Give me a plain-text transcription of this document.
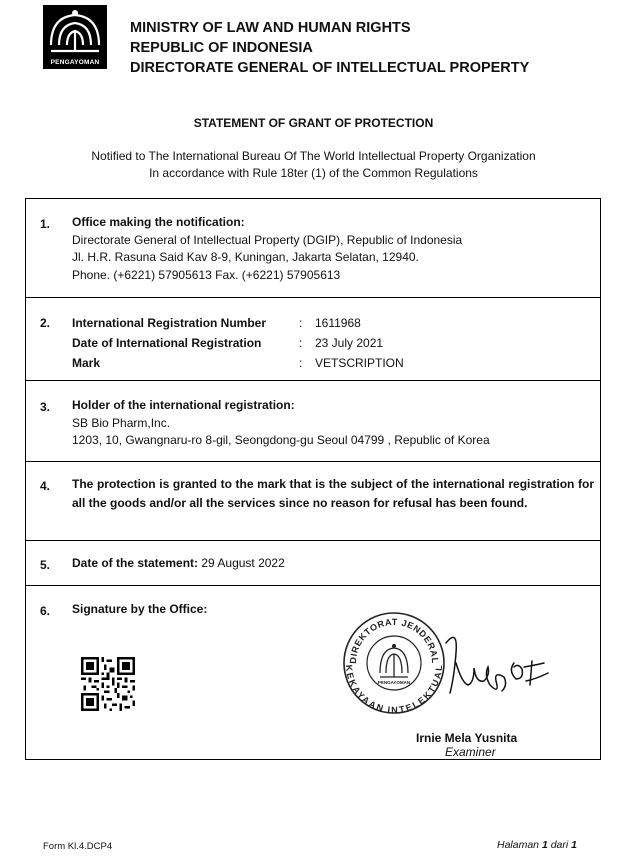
PENGAYOMAN
MINISTRY OF LAW AND HUMAN RIGHTS
REPUBLIC OF INDONESIA
DIRECTORATE GENERAL OF INTELLECTUAL PROPERTY
STATEMENT OF GRANT OF PROTECTION
Notified to The International Bureau Of The World Intellectual Property Organization
In accordance with Rule 18ter (1) of the Common Regulations
1. Office making the notification:
Directorate General of Intellectual Property (DGIP), Republic of Indonesia
Jl. H.R. Rasuna Said Kav 8-9, Kuningan, Jakarta Selatan, 12940.
Phone. (+6221) 57905613 Fax. (+6221) 57905613
2. International Registration Number	: 1611968
Date of International Registration	: 23 July 2021
Mark	: VETSCRIPTION
3. Holder of the international registration:
SB Bio Pharm,Inc.
1203, 10, Gwangnaru-ro 8-gil, Seongdong-gu Seoul 04799 , Republic of Korea
4. The protection is granted to the mark that is the subject of the international registration for all the goods and/or all the services since no reason for refusal has been found.
5. Date of the statement: 29 August 2022
6. Signature by the Office:
DIREKTORAT JENDERAL
KEKAYAAN INTELEKTUAL
PENGAYOMAN
Irnie Mela Yusnita
Examiner
Form Kl.4.DCP4	Halaman 1 dari 1
